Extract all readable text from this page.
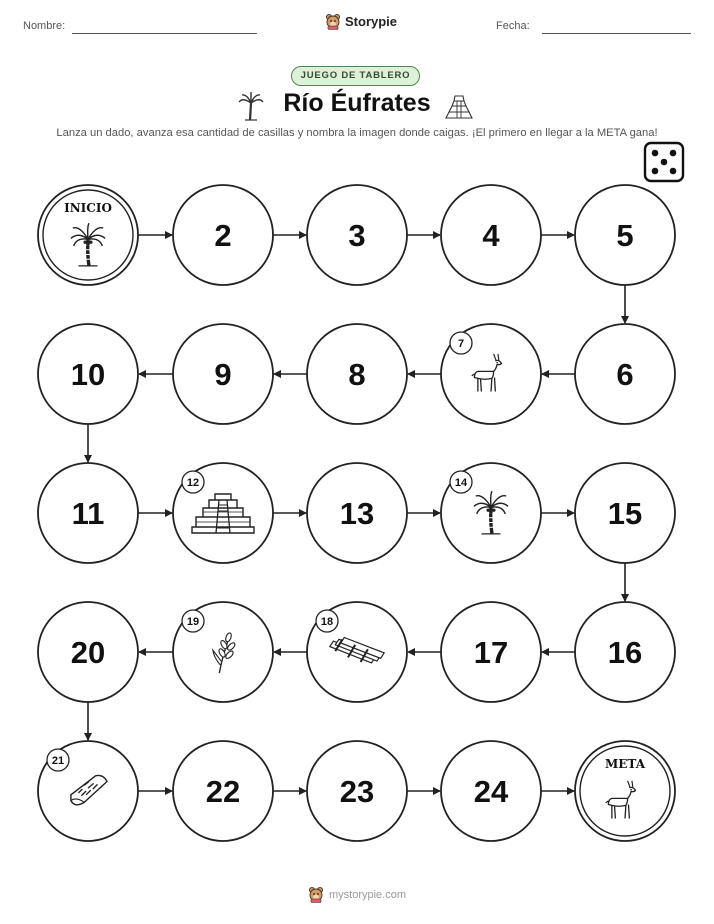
Nombre:	Storypie	Fecha:
JUEGO DE TABLERO
Río Éufrates
Lanza un dado, avanza esa cantidad de casillas y nombra la imagen donde caigas. ¡El primero en llegar a la META gana!
INICIO
2	3	4	5
6
7
8
9
10
11
12
13
14
15
16
17
18
19
20
21
22	23	24
META
mystorypie.com
